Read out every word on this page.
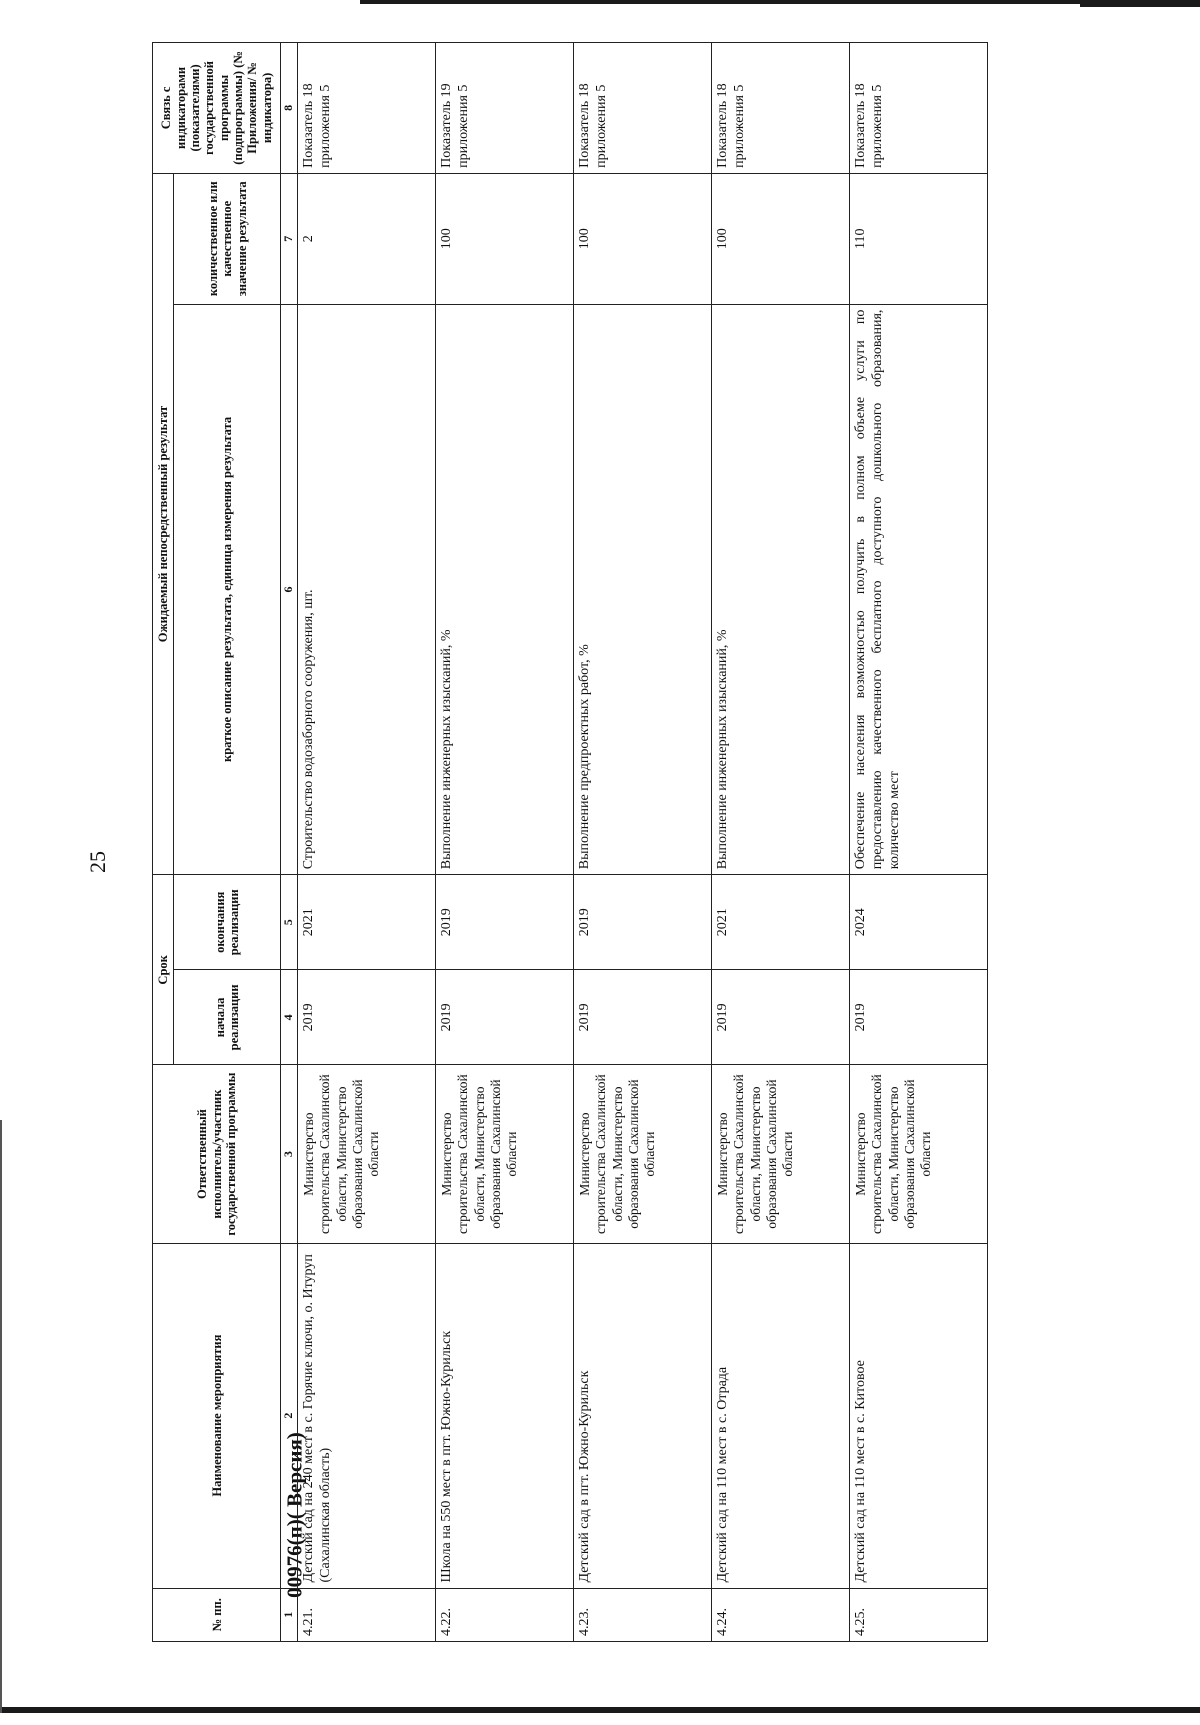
25
00976(п)( Версия)
№ пп.	Наименование мероприятия	Ответственный исполнитель/участник государственной программы	Срок		Ожидаемый непосредственный результат		Связь с индикаторами (показателями) государственной программы (подпрограммы) (№ Приложения/ № индикатора)
			начала реализации	окончания реализации	краткое описание результата, единица измерения результата	количественное или качественное значение результата	
1	2	3	4	5	6	7	8
4.21.	Детский сад на 240 мест в с. Горячие ключи, о. Итуруп (Сахалинская область)	Министерство строительства Сахалинской области, Министерство образования Сахалинской области	2019	2021	Строительство водозаборного сооружения, шт.	2	Показатель 18 приложения 5
4.22.	Школа на 550 мест в пгт. Южно-Курильск	Министерство строительства Сахалинской области, Министерство образования Сахалинской области	2019	2019	Выполнение инженерных изысканий, %	100	Показатель 19 приложения 5
4.23.	Детский сад в пгт. Южно-Курильск	Министерство строительства Сахалинской области, Министерство образования Сахалинской области	2019	2019	Выполнение предпроектных работ, %	100	Показатель 18 приложения 5
4.24.	Детский сад на 110 мест в с. Отрада	Министерство строительства Сахалинской области, Министерство образования Сахалинской области	2019	2021	Выполнение инженерных изысканий, %	100	Показатель 18 приложения 5
4.25.	Детский сад на 110 мест в с. Китовое	Министерство строительства Сахалинской области, Министерство образования Сахалинской области	2019	2024	Обеспечение населения возможностью получить в полном объеме услуги по предоставлению качественного бесплатного доступного дошкольного образования, количество мест	110	Показатель 18 приложения 5
